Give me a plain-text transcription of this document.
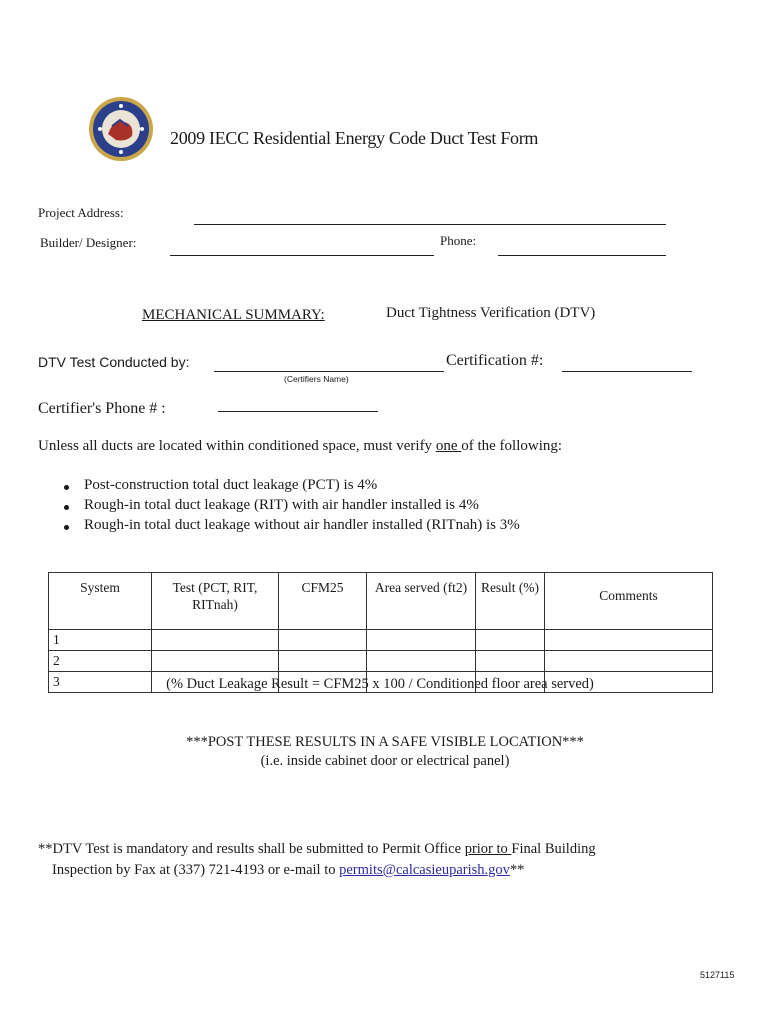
2009 IECC Residential Energy Code Duct Test Form
Project Address:
Builder/ Designer:	Phone:
MECHANICAL SUMMARY:	Duct Tightness Verification (DTV)
DTV Test Conducted by:	Certification #:
(Certifiers Name)
Certifier's Phone # :
Unless all ducts are located within conditioned space, must verify one of the following:
Post-construction total duct leakage (PCT) is 4%
Rough-in total duct leakage (RIT) with air handler installed is 4%
Rough-in total duct leakage without air handler installed (RITnah) is 3%
System	Test (PCT, RIT, RITnah)	CFM25	Area served (ft2)	Result (%)	Comments
1					
2					
3						(% Duct Leakage Result = CFM25 x 100 / Conditioned floor area served)
***POST THESE RESULTS IN A SAFE VISIBLE LOCATION***
(i.e. inside cabinet door or electrical panel)
**DTV Test is mandatory and results shall be submitted to Permit Office prior to Final Building
Inspection by Fax at (337) 721-4193 or e-mail to permits@calcasieuparish.gov**
5127115
